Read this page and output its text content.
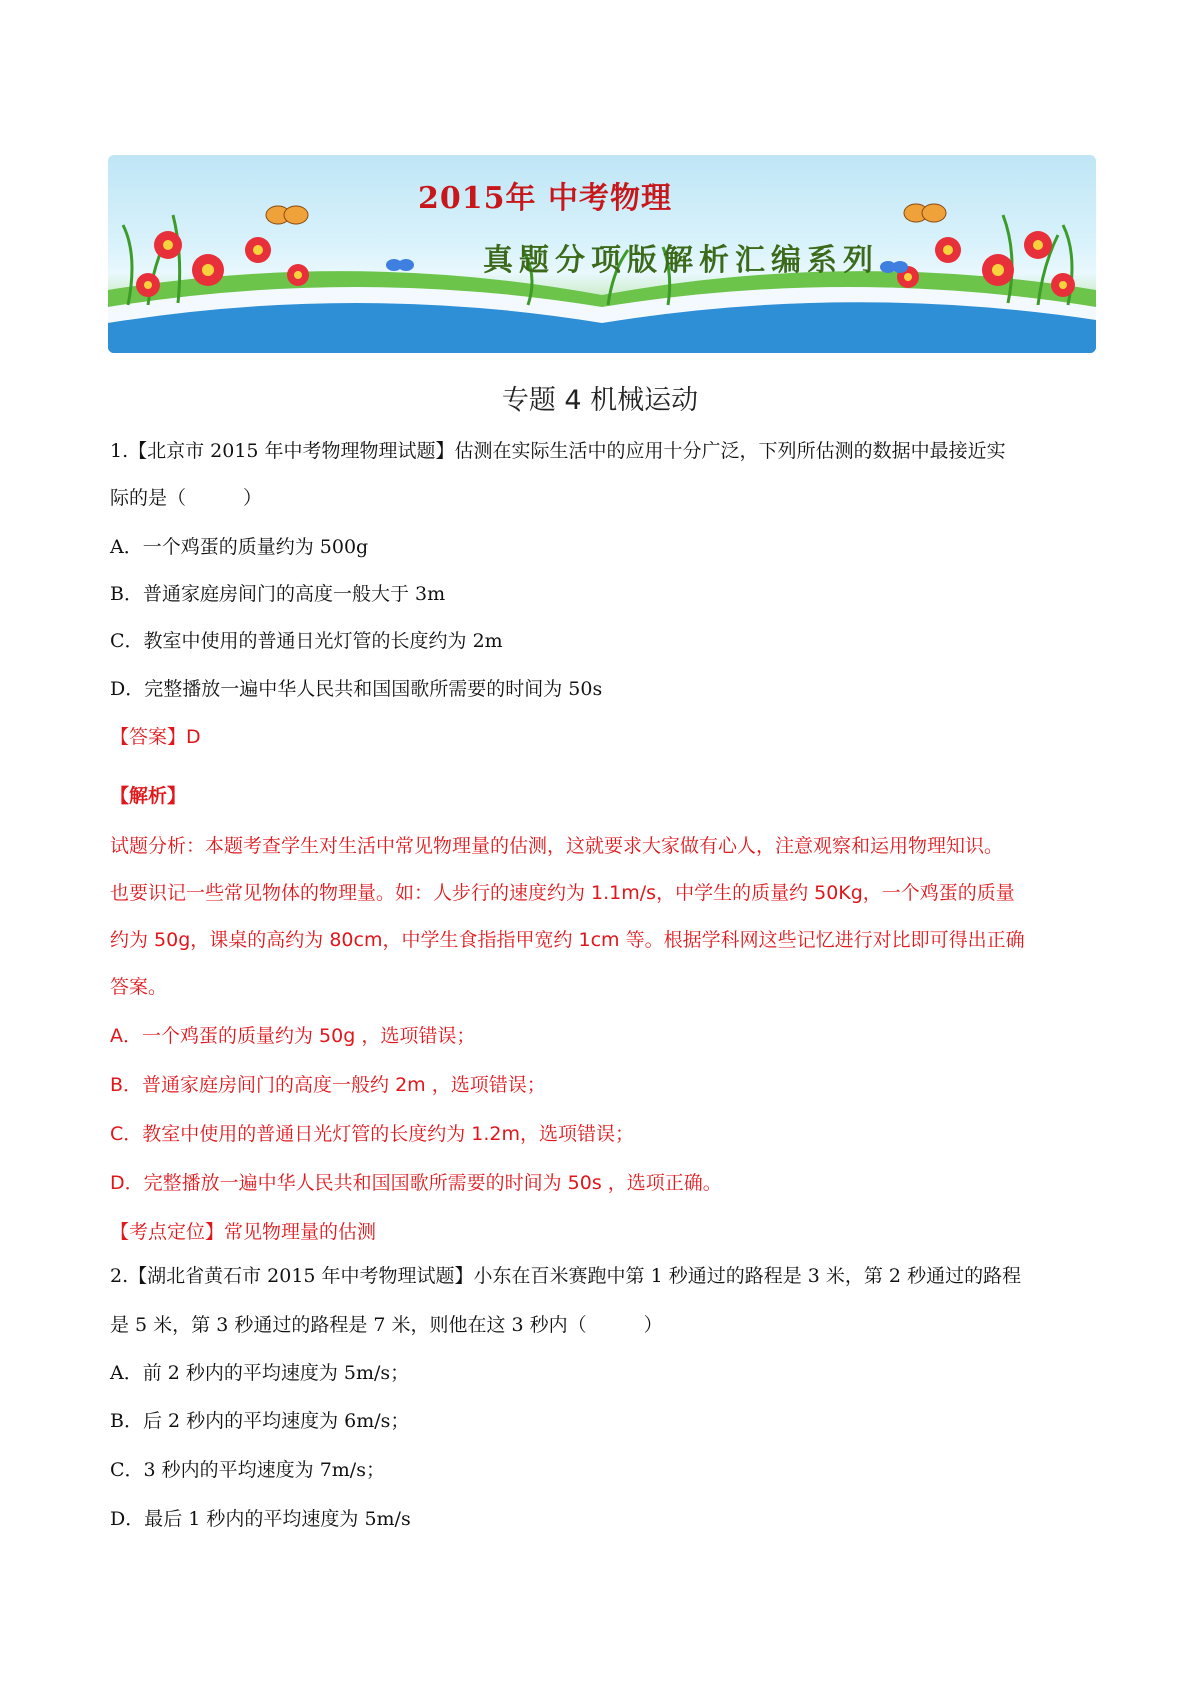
2015年 中考物理
真题分项版解析汇编系列
专题 4 机械运动
1.【北京市 2015 年中考物理物理试题】估测在实际生活中的应用十分广泛，下列所估测的数据中最接近实
际的是（　　　）
A．一个鸡蛋的质量约为 500g
B．普通家庭房间门的高度一般大于 3m
C．教室中使用的普通日光灯管的长度约为 2m
D．完整播放一遍中华人民共和国国歌所需要的时间为 50s
【答案】D
【解析】
试题分析：本题考查学生对生活中常见物理量的估测，这就要求大家做有心人，注意观察和运用物理知识。
也要识记一些常见物体的物理量。如：人步行的速度约为 1.1m/s，中学生的质量约 50Kg，一个鸡蛋的质量
约为 50g，课桌的高约为 80cm，中学生食指指甲宽约 1cm 等。根据学科网这些记忆进行对比即可得出正确
答案。
A．一个鸡蛋的质量约为 50g ，选项错误；
B．普通家庭房间门的高度一般约 2m ，选项错误；
C．教室中使用的普通日光灯管的长度约为 1.2m，选项错误；
D．完整播放一遍中华人民共和国国歌所需要的时间为 50s ，选项正确。
【考点定位】常见物理量的估测
2.【湖北省黄石市 2015 年中考物理试题】小东在百米赛跑中第 1 秒通过的路程是 3 米，第 2 秒通过的路程
是 5 米，第 3 秒通过的路程是 7 米，则他在这 3 秒内（　　　）
A．前 2 秒内的平均速度为 5m/s；
B．后 2 秒内的平均速度为 6m/s；
C．3 秒内的平均速度为 7m/s；
D．最后 1 秒内的平均速度为 5m/s
